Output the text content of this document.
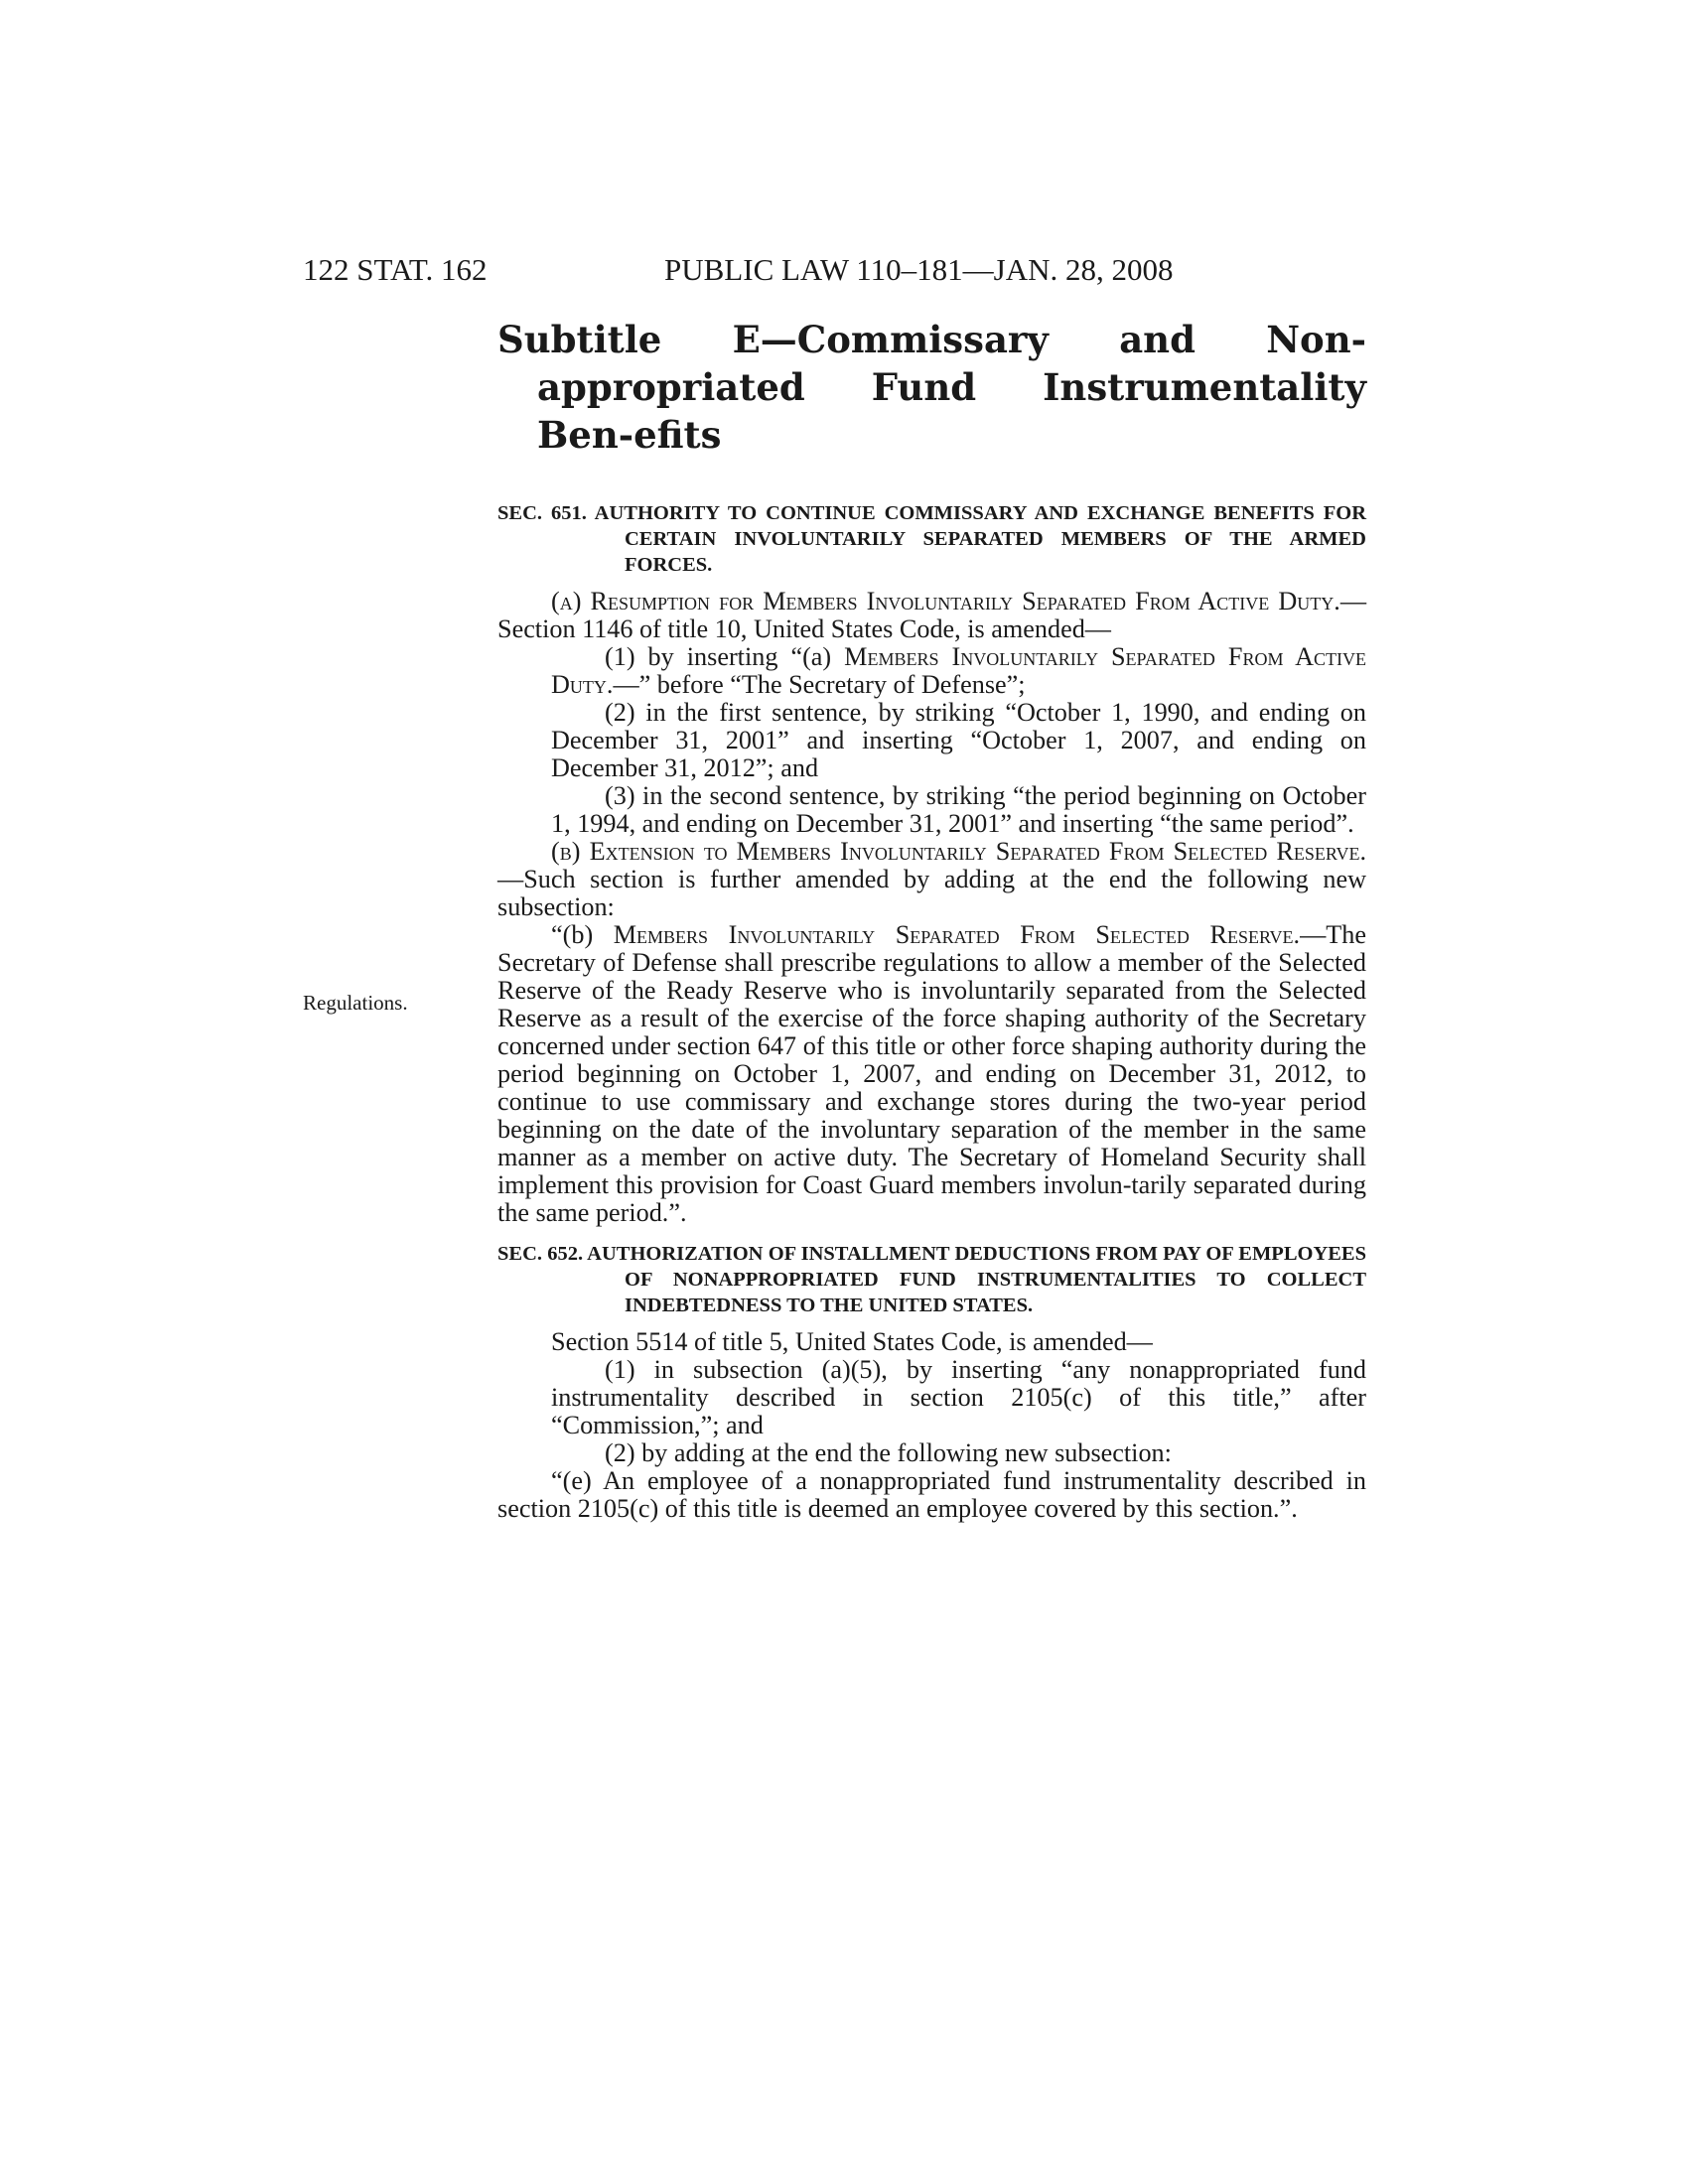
122 STAT. 162	PUBLIC LAW 110–181—JAN. 28, 2008
Regulations.
Subtitle E—Commissary and Non-appropriated Fund Instrumentality Ben-efits
SEC. 651. AUTHORITY TO CONTINUE COMMISSARY AND EXCHANGE BENEFITS FOR CERTAIN INVOLUNTARILY SEPARATED MEMBERS OF THE ARMED FORCES.

(a) Resumption for Members Involuntarily Separated From Active Duty.—Section 1146 of title 10, United States Code, is amended—

(1) by inserting “(a) Members Involuntarily Separated From Active Duty.—” before “The Secretary of Defense”;

(2) in the first sentence, by striking “October 1, 1990, and ending on December 31, 2001” and inserting “October 1, 2007, and ending on December 31, 2012”; and

(3) in the second sentence, by striking “the period beginning on October 1, 1994, and ending on December 31, 2001” and inserting “the same period”.

(b) Extension to Members Involuntarily Separated From Selected Reserve.—Such section is further amended by adding at the end the following new subsection:

“(b) Members Involuntarily Separated From Selected Reserve.—The Secretary of Defense shall prescribe regulations to allow a member of the Selected Reserve of the Ready Reserve who is involuntarily separated from the Selected Reserve as a result of the exercise of the force shaping authority of the Secretary concerned under section 647 of this title or other force shaping authority during the period beginning on October 1, 2007, and ending on December 31, 2012, to continue to use commissary and exchange stores during the two-year period beginning on the date of the involuntary separation of the member in the same manner as a member on active duty. The Secretary of Homeland Security shall implement this provision for Coast Guard members involun-tarily separated during the same period.”.

SEC. 652. AUTHORIZATION OF INSTALLMENT DEDUCTIONS FROM PAY OF EMPLOYEES OF NONAPPROPRIATED FUND INSTRUMENTALITIES TO COLLECT INDEBTEDNESS TO THE UNITED STATES.

Section 5514 of title 5, United States Code, is amended—

(1) in subsection (a)(5), by inserting “any nonappropriated fund instrumentality described in section 2105(c) of this title,” after “Commission,”; and

(2) by adding at the end the following new subsection:

“(e) An employee of a nonappropriated fund instrumentality described in section 2105(c) of this title is deemed an employee covered by this section.”.
